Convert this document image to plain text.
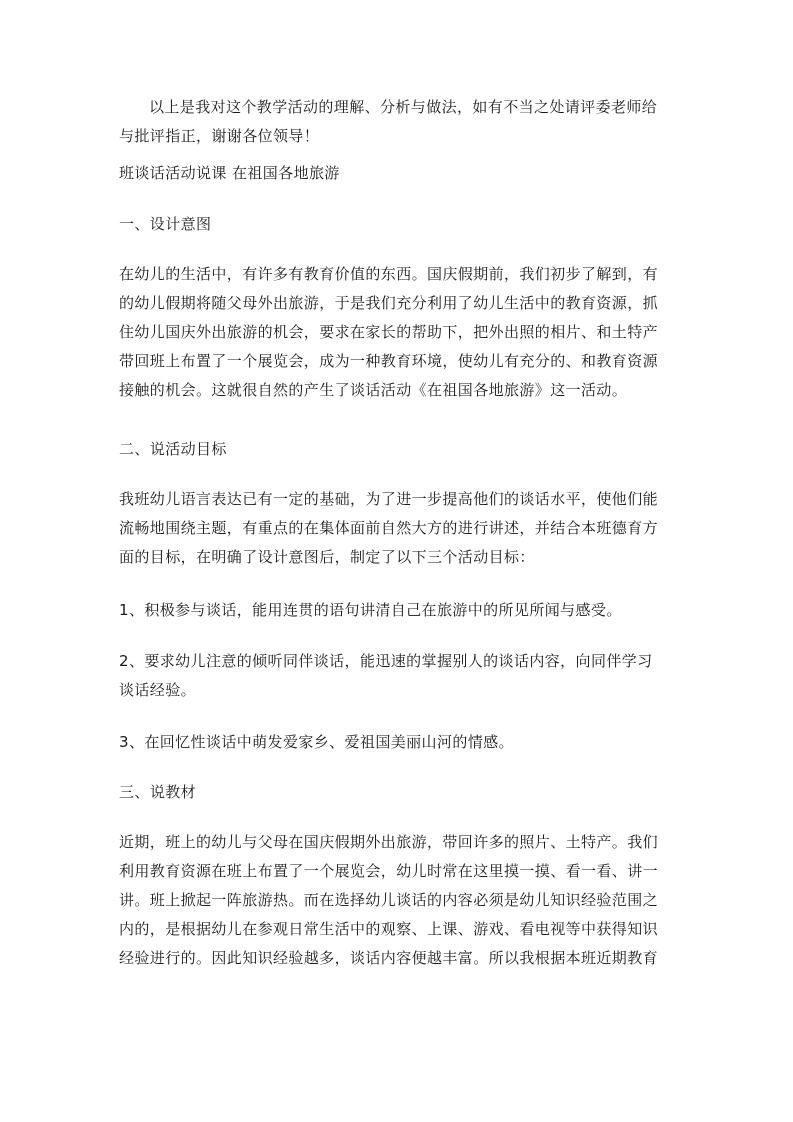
以上是我对这个教学活动的理解、分析与做法，如有不当之处请评委老师给
与批评指正，谢谢各位领导！
班谈话活动说课 在祖国各地旅游
一、设计意图
在幼儿的生活中，有许多有教育价值的东西。国庆假期前，我们初步了解到，有
的幼儿假期将随父母外出旅游，于是我们充分利用了幼儿生活中的教育资源，抓
住幼儿国庆外出旅游的机会，要求在家长的帮助下，把外出照的相片、和土特产
带回班上布置了一个展览会，成为一种教育环境，使幼儿有充分的、和教育资源
接触的机会。这就很自然的产生了谈话活动《在祖国各地旅游》这一活动。
二、说活动目标
我班幼儿语言表达已有一定的基础，为了进一步提高他们的谈话水平，使他们能
流畅地围绕主题，有重点的在集体面前自然大方的进行讲述，并结合本班德育方
面的目标，在明确了设计意图后，制定了以下三个活动目标：
1、积极参与谈话，能用连贯的语句讲清自己在旅游中的所见所闻与感受。
2、要求幼儿注意的倾听同伴谈话，能迅速的掌握别人的谈话内容，向同伴学习
谈话经验。
3、在回忆性谈话中萌发爱家乡、爱祖国美丽山河的情感。
三、说教材
近期，班上的幼儿与父母在国庆假期外出旅游，带回许多的照片、土特产。我们
利用教育资源在班上布置了一个展览会，幼儿时常在这里摸一摸、看一看、讲一
讲。班上掀起一阵旅游热。而在选择幼儿谈话的内容必须是幼儿知识经验范围之
内的，是根据幼儿在参观日常生活中的观察、上课、游戏、看电视等中获得知识
经验进行的。因此知识经验越多，谈话内容便越丰富。所以我根据本班近期教育
